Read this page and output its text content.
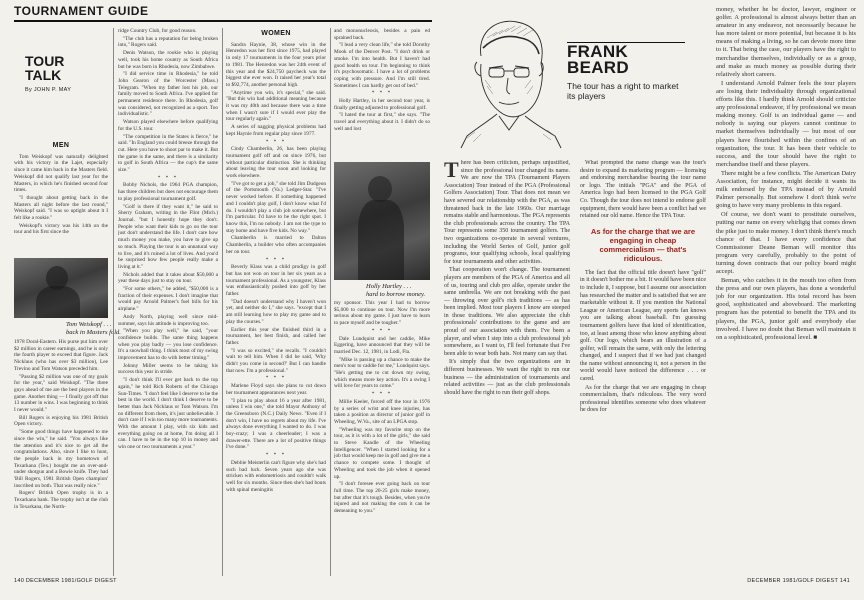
TOURNAMENT GUIDE
TOUR
TALK
By JOHN P. MAY
MEN

Tom Weiskopf was naturally delighted with his victory in the Lajet, especially since it came him back in the Masters field. Weiskopf did not qualify last year for the Masters, in which he's finished second four times.

"I thought about getting back in the Masters all night before the last round," Weiskopf said. "I was so uptight about it I felt like a rookie."

Weiskopf's victory was his 14th on the tour and his first since the

Tom Weiskopf . . .
back in Masters fold.

1978 Doral-Eastern. His purse put him over $2 million in career earnings, and he is only the fourth player to exceed that figure. Jack Nicklaus (who has over $3 million), Lee Trevino and Tom Watson preceded him.

"Passing $2 million was one of my goals for the year," said Weiskopf. "The three guys ahead of me are the best players in the game. Another thing — I finally got off that 13 number in wins. I was beginning to think I never would."

Bill Rogers is enjoying his 1981 British Open victory.

"Some good things have happened to me since the win," he said. "You always like the attention and it's nice to get all the congratulations. Also, since I like to hunt, the people back in my hometown of Texarkana (Tex.) bought me an over-and-under shotgun and a Bowie knife. They had 'Bill Rogers, 1981 British Open champion' inscribed on both. That was really nice."

Rogers' British Open trophy is in a Texarkana bank. The trophy isn't at the club in Texarkana, the North-

ridge Country Club, for good reason.

"The club has a reputation for being broken into," Rogers said.

Denis Watson, the rookie who is playing well, took his home country as South Africa but he was born in Rhodesia, now Zimbabwe.

"I did service time in Rhodesia," he told John Gearon of the Worcester (Mass.) Telegram. "When my father lost his job, our family moved to South Africa. I've applied for permanent residence there. In Rhodesia, golf was considered, not recognized as a sport. Too individualistic."

Watson played elsewhere before qualifying for the U.S. tour.

"The competition in the States is fierce," he said. "In England you could breeze through the cut. Here you have to shoot par to make it. But the game is the same, and there is a similarity to golf in South Africa — the cup's the same size."

* * *

Bobby Nichols, the 1964 PGA champion, has three children but does not encourage them to play professional tournament golf.

"Golf is there if they want it," he said to Sherry Graham, writing in the Flint (Mich.) Journal. "but I honestly hope they don't. People who want their kids to go on the tour just don't understand the life. I don't care how much money you make, you have to give up so much. Playing the tour is an unnatural way to live, and it's ruined a lot of lives. And you'd be surprised how few people really make a living at it."

Nichols added that it takes about $50,000 a year these days just to stay on tour.

"For some others," he added, "$50,000 is a fraction of their expenses. I don't imagine that would pay Arnold Palmer's fuel bills for his airplane."

Andy North, playing well since mid-summer, says his attitude is improving too.

"When you play well," he said, "your confidence builds. The same thing happens when you play badly — you lose confidence. It's a snowball thing. I think most of my swing improvement has to do with better timing."

Johnny Miller seems to be taking his success this year in stride.

"I don't think I'll ever get back to the top again," he told Rich Roberts of the Chicago Sun-Times. "I don't feel like I deserve to be the best in the world. I don't think I deserve to be better than Jack Nicklaus or Tom Watson. I'm no different from them, it's just unbelievable. I don't care if I win too many more tournaments. With the amount I play, with six kids and everything going on at home, I'm doing all I can. I have to be in the top 10 in money and win one or two tournaments a year."

WOMEN

Sandra Haynie, 38, whose win in the Henredon was her first since 1975, had played in only 17 tournaments in the four years prior to 1981. The Henredon was her 24th event of this year and the $24,750 paycheck was the biggest she ever won. It raised her year's total to $92,774, another personal high.

"Anytime you win, it's special," she said. "But this win had additional meaning because it was my 40th and because there was a time when I wasn't sure if I would ever play the tour regularly again."

A series of nagging physical problems had kept Haynie from regular play since 1977.

* * *

Cindy Chamberlin, 26, has been playing tournament golf off and on since 1976, but without particular distinction. She is thinking about leaving the tour soon and looking for work elsewhere.

"I've got to get a job," she told Jim Dudgeon of the Portsmouth (Va.) Ledger-Star. "I've never worked before. If something happened and I couldn't play golf, I don't know what I'd do. I wouldn't play a club job somewhere, but I'm particular. I'd have to be the right spot. I know this, I'm no nobody. I am not the type to stay home and have five kids. No way."

Chamberlin is married to Dalton Chamberlin, a builder who often accompanies her on tour.

* * *

Beverly Klass was a child prodigy in golf but has not won on tour in her six years as a tournament professional. As a youngster, Klass was enthusiastically pushed into golf by her father.

"Dad doesn't understand why I haven't won yet, and neither do I," she says. "except that I am still learning how to play my game and to play the courses."

Earlier this year she finished third in a tournament, her best finish, and called her father.

"I was so excited," she recalls. "I couldn't wait to tell him. When I did he said, 'Why didn't you come in second?' But I can handle that now. I'm a professional."

* * *

Marlene Floyd says she plans to cut down her tournament appearances next year.

"I plan to play about 16 a year after 1981, unless I win one," she told Mayor Anthony of the Greensboro (N.C.) Daily News. "Even if I don't win, I have no regrets about my life. I've always done everything I wanted to do. I was boy-crazy; I was a cheerleader; I was a drawer-ette. There are a lot of positive things I've done."

* * *

Debbie Meisterlin can't figure why she's had such bad luck. Seven years ago she was stricken with endometriosis and couldn't walk well for six months. Since then she's had bouts with spinal meningitis

and mononucleosis, besides a pain ed sprained back.

"I lead a very clean life," she told Dorothy Mook of the Denver Post. "I don't drink or smoke. I'm into health. But I haven't had good health on tour. I'm beginning to think it's psychosomatic. I have a lot of problems coping with pressure. And I'm still tired. Sometimes I can hardly get out of bed."

* * *

Holly Hartley, in her second tour year, is finally getting adjusted to professional golf.

"I hated the tour at first," she says. "The travel and everything about it. I didn't do so well and lost

Holly Hartley . . .
hard to borrow money.

my sponsor. This year I had to borrow $5,000 to continue on tour. Now I'm more serious about my game. I just have to learn to pace myself and be tougher."

* * *

Dale Lundquist and her caddie, Mike Eggering, have announced that they will be married Dec. 12, 1981, in Lodi, Fla.

"Mike is passing up a chance to make the men's tour to caddie for me," Lundquist says. "He's getting me to cut down my swing, which means more key action. It's a swing I will love for years to come."

* * *

Millie Keeler, forced off the tour in 1976 by a series of wrist and knee injuries, has taken a position as director of junior golf in Wheeling, W.Va., site of an LPGA stop.

"Wheeling was my favorite stop on the tour, as it is with a lot of the girls," she said to Steve Kandle of the Wheeling Intelligencer. "When I started looking for a job that would keep me in golf and give me a chance to compete some. I thought of Wheeling and took the job when it opened up.

"I don't foresee ever going back on tour full time. The top 20-25 girls make money, but after that it's tough. Besides, when you're injured and not making the cuts it can be demeaning to you."

140 DECEMBER 1981/GOLF DIGEST
FRANK
BEARD
The tour has a right to market its players

There has been criticism, perhaps unjustified, since the professional tour changed its name. We are now the TPA (Tournament Players Association) Tour instead of the PGA (Professional Golfers Association) Tour. That does not mean we have severed our relationship with the PGA, as was threatened back in the late 1960s. Our marriage remains stable and harmonious. The PGA represents the club professionals across the country. The TPA Tour represents some 350 tournament golfers. The two organizations co-operate in several ventures, including the World Series of Golf, junior golf programs, tour qualifying schools, local qualifying for tour tournaments and other activities.

That cooperation won't change. The tournament players are members of the PGA of America and all of us, touring and club pro alike, operate under the same umbrella. We are not breaking with the past — throwing over golf's rich traditions — as has been implied. Most tour players I know are steeped in those traditions. We also appreciate the club professionals' contributions to the game and are proud of our association with them. I've been a player, and when I step into a club professional job somewhere, as I want to, I'll feel fortunate that I've been able to wear both hats. Not many can say that.

It's simply that the two organizations are in different businesses. We want the right to run our business — the administration of tournaments and related activities — just as the club professionals should have the right to run their golf shops.

What prompted the name change was the tour's desire to expand its marketing program — licensing and endorsing merchandise bearing the tour name or logo. The initials "PGA" and the PGA of America logo had been licensed to the PGA Golf Co. Though the tour does not intend to endorse golf equipment, there would have been a conflict had we retained our old name. Hence the TPA Tour.

As for the charge that we are engaging in cheap commercialism — that's ridiculous.

The fact that the official title doesn't have "golf" in it doesn't bother me a bit. It would have been nice to include it, I suppose, but I assume our association has researched the matter and is satisfied that we are marketable without it. If you mention the National League or American League, any sports fan knows you are talking about baseball. I'm guessing tournament golfers have that kind of identification, too, at least among those who know anything about golf. Our logo, which bears an illustration of a golfer, will remain the same, with only the lettering changed, and I suspect that if we had just changed the name without announcing it, not a person in the world would have noticed the difference . . . or cared.

As for the charge that we are engaging in cheap commercialism, that's ridiculous. The very word professional identifies someone who does whatever he does for

money, whether he be doctor, lawyer, engineer or golfer. A professional is almost always better than an amateur in any endeavor, not necessarily because he has more talent or more potential, but because it is his means of making a living, so he can devote more time to it. That being the case, our players have the right to merchandise themselves, individually or as a group, and make as much money as possible during their relatively short careers.

I understand Arnold Palmer feels the tour players are losing their individuality through organizational efforts like this. I hardly think Arnold should criticize any professional endeavor, if by professional we mean making money. Golf is an individual game — and nobody is saying our players cannot continue to market themselves individually — but most of our players have flourished within the confines of an organization, the tour. It has been their vehicle to success, and the tour should have the right to merchandise itself and these players.

There might be a few conflicts. The American Dairy Association, for instance, might decide it wants its milk endorsed by the TPA instead of by Arnold Palmer personally. But somehow I don't think we're going to have very many problems in this regard.

Of course, we don't want to prostitute ourselves, putting our name on every whirligig that comes down the pike just to make money. I don't think there's much chance of that. I have every confidence that Commissioner Deane Beman will monitor this program very carefully, probably to the point of turning down contracts that our policy board might accept.

Beman, who catches it in the mouth too often from the press and our own players, has done a wonderful job for our organization. His total record has been good, sophisticated and aboveboard. The marketing program has the potential to benefit the TPA and its players, the PGA, junior golf and everybody else involved. I have no doubt that Beman will maintain it on a sophisticated, professional level. ■

DECEMBER 1981/GOLF DIGEST 141
